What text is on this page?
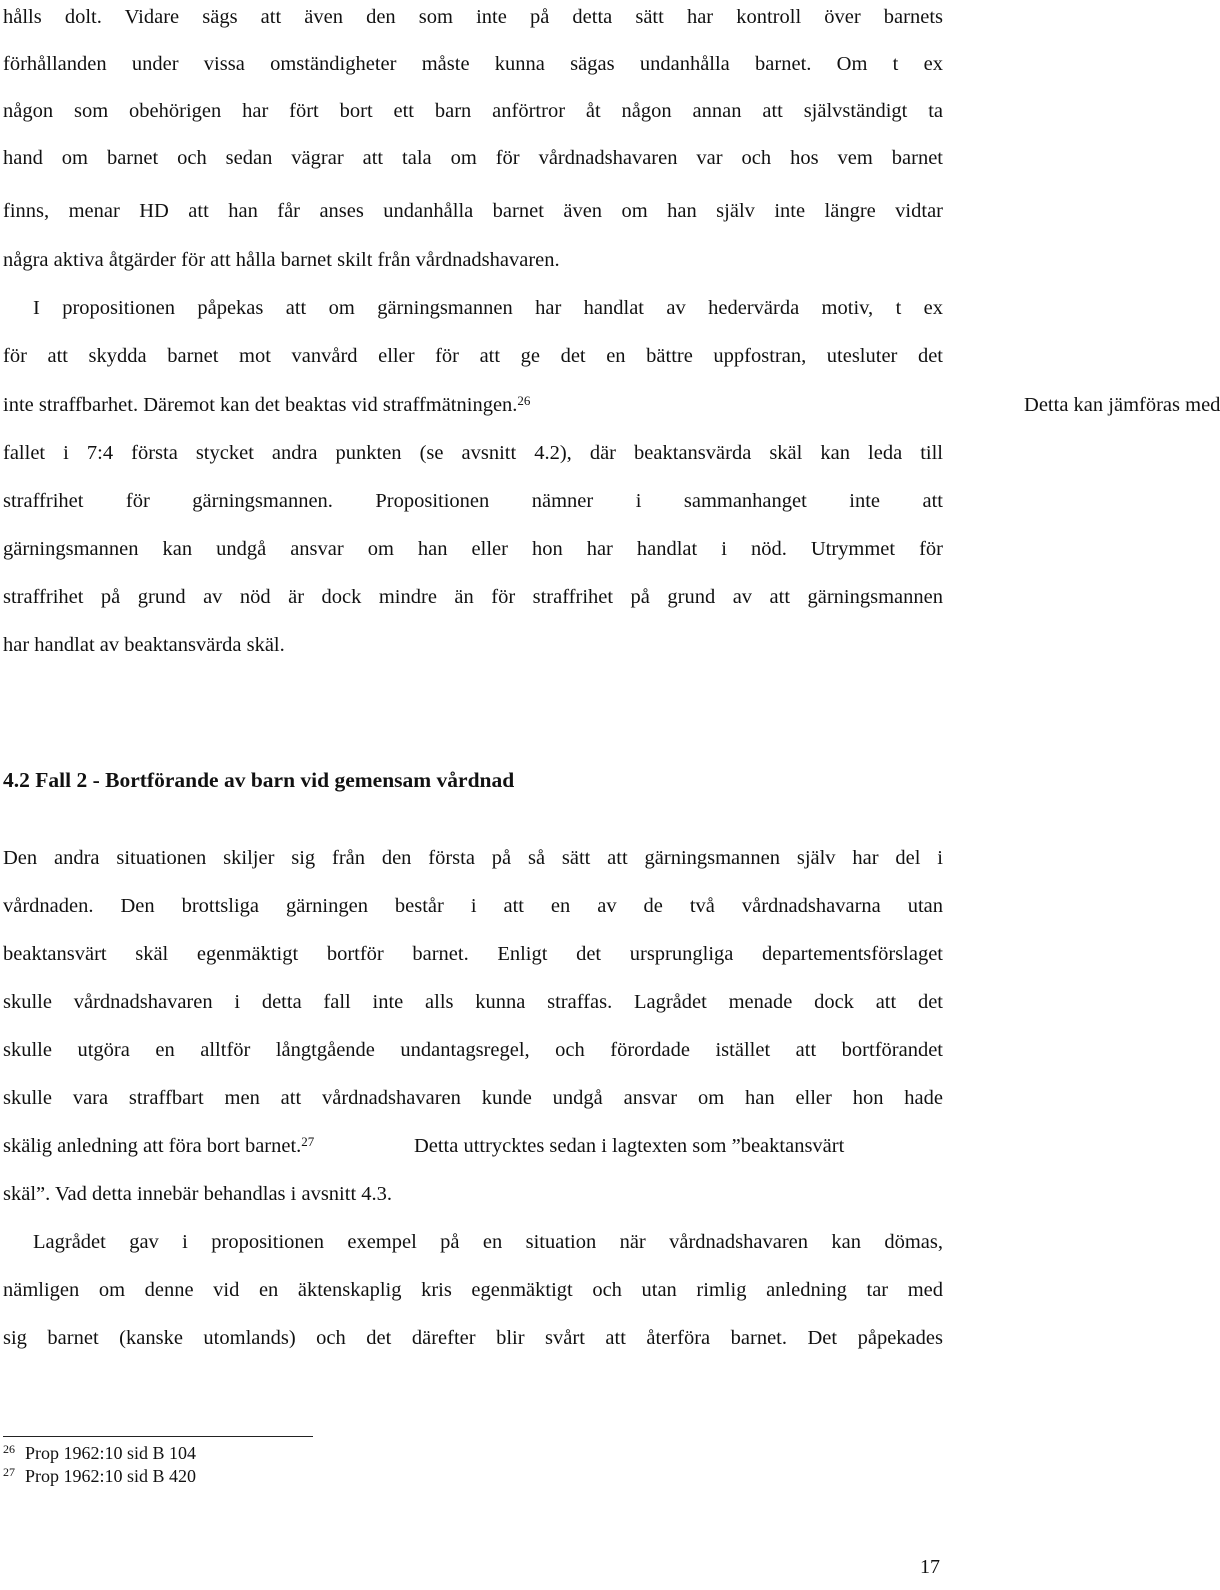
hålls dolt. Vidare sägs att även den som inte på detta sätt har kontroll över barnets
förhållanden under vissa omständigheter måste kunna sägas undanhålla barnet. Om t ex
någon som obehörigen har fört bort ett barn anförtror åt någon annan att självständigt ta
hand om barnet och sedan vägrar att tala om för vårdnadshavaren var och hos vem barnet
finns, menar HD att han får anses undanhålla barnet även om han själv inte längre vidtar
några aktiva åtgärder för att hålla barnet skilt från vårdnadshavaren.
I propositionen påpekas att om gärningsmannen har handlat av hedervärda motiv, t ex
för att skydda barnet mot vanvård eller för att ge det en bättre uppfostran, utesluter det
inte straffbarhet. Däremot kan det beaktas vid straffmätningen.$^{26}$	Detta kan jämföras med
fallet i 7:4 första stycket andra punkten (se avsnitt 4.2), där beaktansvärda skäl kan leda till
straffrihet för gärningsmannen. Propositionen nämner i sammanhanget inte att
gärningsmannen kan undgå ansvar om han eller hon har handlat i nöd. Utrymmet för
straffrihet på grund av nöd är dock mindre än för straffrihet på grund av att gärningsmannen
har handlat av beaktansvärda skäl.
4.2 Fall 2 - Bortförande av barn vid gemensam vårdnad
Den andra situationen skiljer sig från den första på så sätt att gärningsmannen själv har del i
vårdnaden. Den brottsliga gärningen består i att en av de två vårdnadshavarna utan
beaktansvärt skäl egenmäktigt bortför barnet. Enligt det ursprungliga departementsförslaget
skulle vårdnadshavaren i detta fall inte alls kunna straffas. Lagrådet menade dock att det
skulle utgöra en alltför långtgående undantagsregel, och förordade istället att bortförandet
skulle vara straffbart men att vårdnadshavaren kunde undgå ansvar om han eller hon hade
skälig anledning att föra bort barnet.$^{27}$	Detta uttrycktes sedan i lagtexten som ”beaktansvärt
skäl”. Vad detta innebär behandlas i avsnitt 4.3.
Lagrådet gav i propositionen exempel på en situation när vårdnadshavaren kan dömas,
nämligen om denne vid en äktenskaplig kris egenmäktigt och utan rimlig anledning tar med
sig barnet (kanske utomlands) och det därefter blir svårt att återföra barnet. Det påpekades
$^{26}$ Prop 1962:10 sid B 104
$^{27}$ Prop 1962:10 sid B 420
17
